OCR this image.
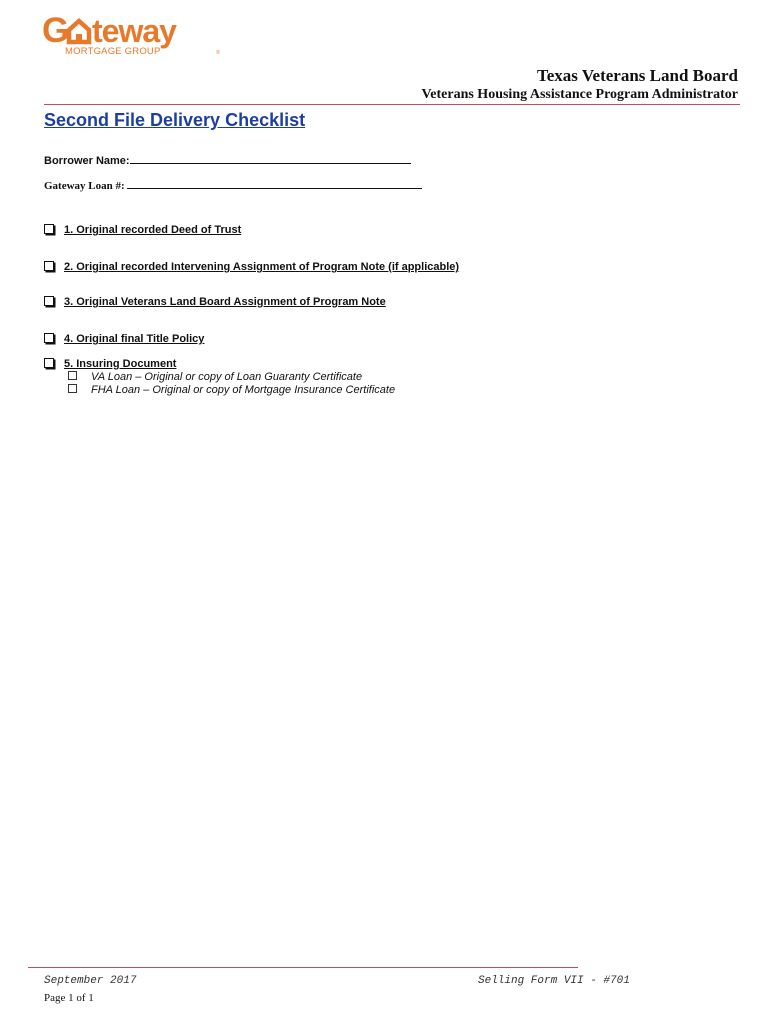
G teway
MORTGAGE GROUP	®
Texas Veterans Land Board
Veterans Housing Assistance Program Administrator
Second File Delivery Checklist
Borrower Name:
Gateway Loan #:
1. Original recorded Deed of Trust
2. Original recorded Intervening Assignment of Program Note (if applicable)
3. Original Veterans Land Board Assignment of Program Note
4. Original final Title Policy
5. Insuring Document
VA Loan – Original or copy of Loan Guaranty Certificate
FHA Loan – Original or copy of Mortgage Insurance Certificate
September 2017	Selling Form VII - #701
Page 1 of 1
